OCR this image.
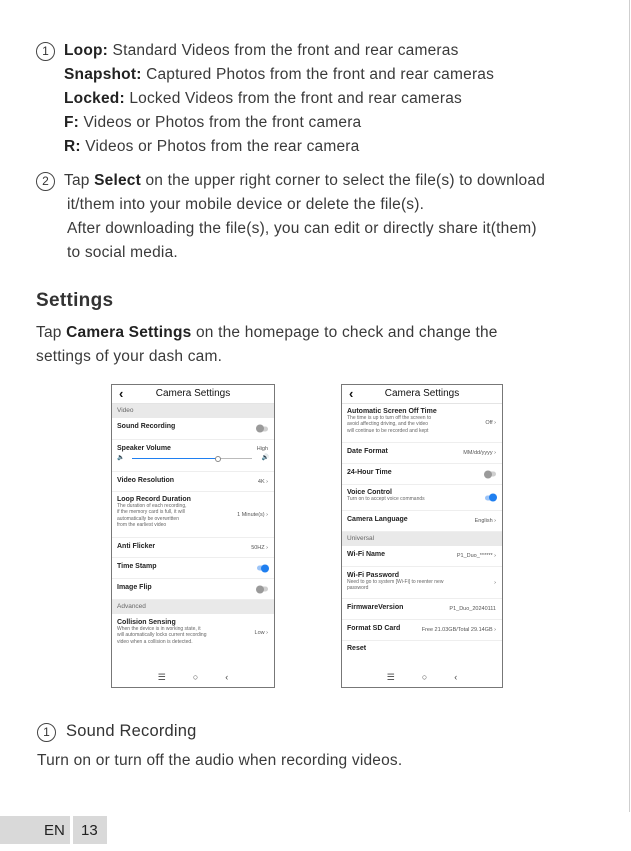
1 Loop: Standard Videos from the front and rear cameras
Snapshot: Captured Photos from the front and rear cameras
Locked: Locked Videos from the front and rear cameras
F: Videos or Photos from the front camera
R: Videos or Photos from the rear camera
2 Tap Select on the upper right corner to select the file(s) to download
it/them into your mobile device or delete the file(s).
After downloading the file(s), you can edit or directly share it(them)
to social media.
Settings
Tap Camera Settings on the homepage to check and change the
settings of your dash cam.
‹	Camera Settings
Video
Sound Recording
Speaker Volume	High
🔈	🔊
Video Resolution	4K ›
Loop Record Duration
The duration of each recording,
if the memory card is full, it will
automatically be overwritten
from the earliest video
1 Minute(s) ›
Anti Flicker	50HZ ›
Time Stamp
Image Flip
Advanced
Collision Sensing
When the device is in working state, it
will automatically locks current recording
video when a collision is detected.
Low ›
☰	○	‹
‹	Camera Settings
Automatic Screen Off Time
The time is up to turn off the screen to
avoid affecting driving, and the video
will continue to be recorded and kept
Off ›
Date Format	MM/dd/yyyy ›
24-Hour Time
Voice Control
Turn on to accept voice commands
Camera Language	English ›
Universal
Wi-Fi Name	P1_Duo_****** ›
Wi-Fi Password
Need to go to system [Wi-Fi] to reenter new
password
›
FirmwareVersion	P1_Duo_20240111
Format SD Card	Free 21.03GB/Total 29.14GB ›
Reset
☰	○	‹
1 Sound Recording
Turn on or turn off the audio when recording videos.
EN 13
